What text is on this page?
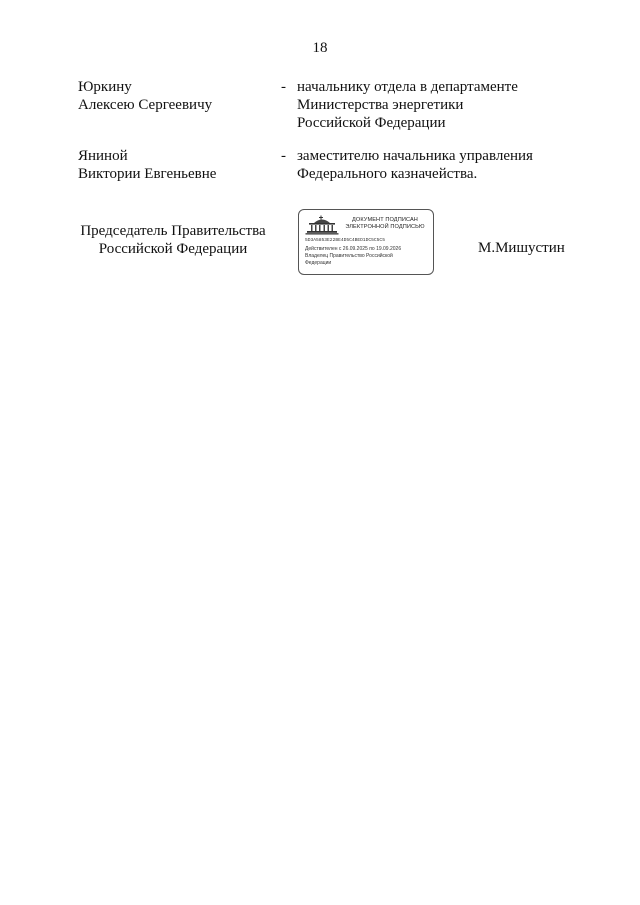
18
Юркину
Алексею Сергеевичу
- начальнику отдела в департаменте
Министерства энергетики
Российской Федерации
Яниной
Виктории Евгеньевне
- заместителю начальника управления
Федерального казначейства.
Председатель Правительства
Российской Федерации
ДОКУМЕНТ ПОДПИСАН
ЭЛЕКТРОННОЙ ПОДПИСЬЮ
5D3A5853E22BE4D5C4BED1DC5C5C5
Действителен с 26.09.2025 по 19.09.2026
Владелец Правительство Российской
Федерации
М.Мишустин
